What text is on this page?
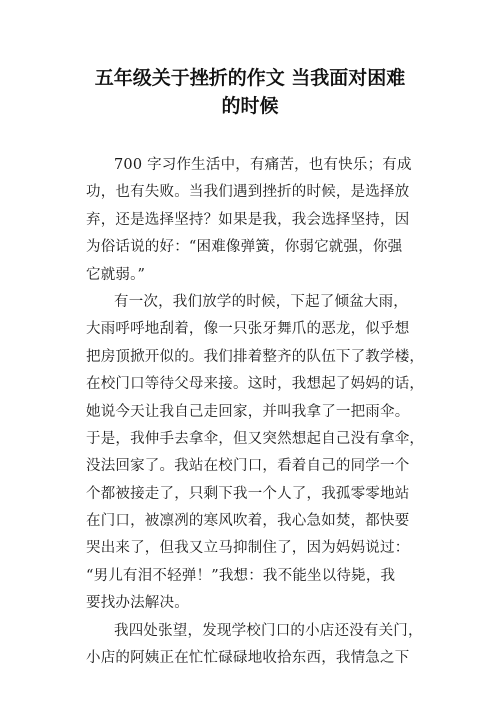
五年级关于挫折的作文 当我面对困难
的时候
700 字习作生活中，有痛苦，也有快乐；有成
功，也有失败。当我们遇到挫折的时候，是选择放
弃，还是选择坚持？如果是我，我会选择坚持，因
为俗话说的好：“困难像弹簧，你弱它就强，你强
它就弱。”
有一次，我们放学的时候，下起了倾盆大雨，
大雨呼呼地刮着，像一只张牙舞爪的恶龙，似乎想
把房顶掀开似的。我们排着整齐的队伍下了教学楼，
在校门口等待父母来接。这时，我想起了妈妈的话，
她说今天让我自己走回家，并叫我拿了一把雨伞。
于是，我伸手去拿伞，但又突然想起自己没有拿伞，
没法回家了。我站在校门口，看着自己的同学一个
个都被接走了，只剩下我一个人了，我孤零零地站
在门口，被凛冽的寒风吹着，我心急如焚，都快要
哭出来了，但我又立马抑制住了，因为妈妈说过：
“男儿有泪不轻弹！”我想：我不能坐以待毙，我
要找办法解决。
我四处张望，发现学校门口的小店还没有关门，
小店的阿姨正在忙忙碌碌地收拾东西，我情急之下
